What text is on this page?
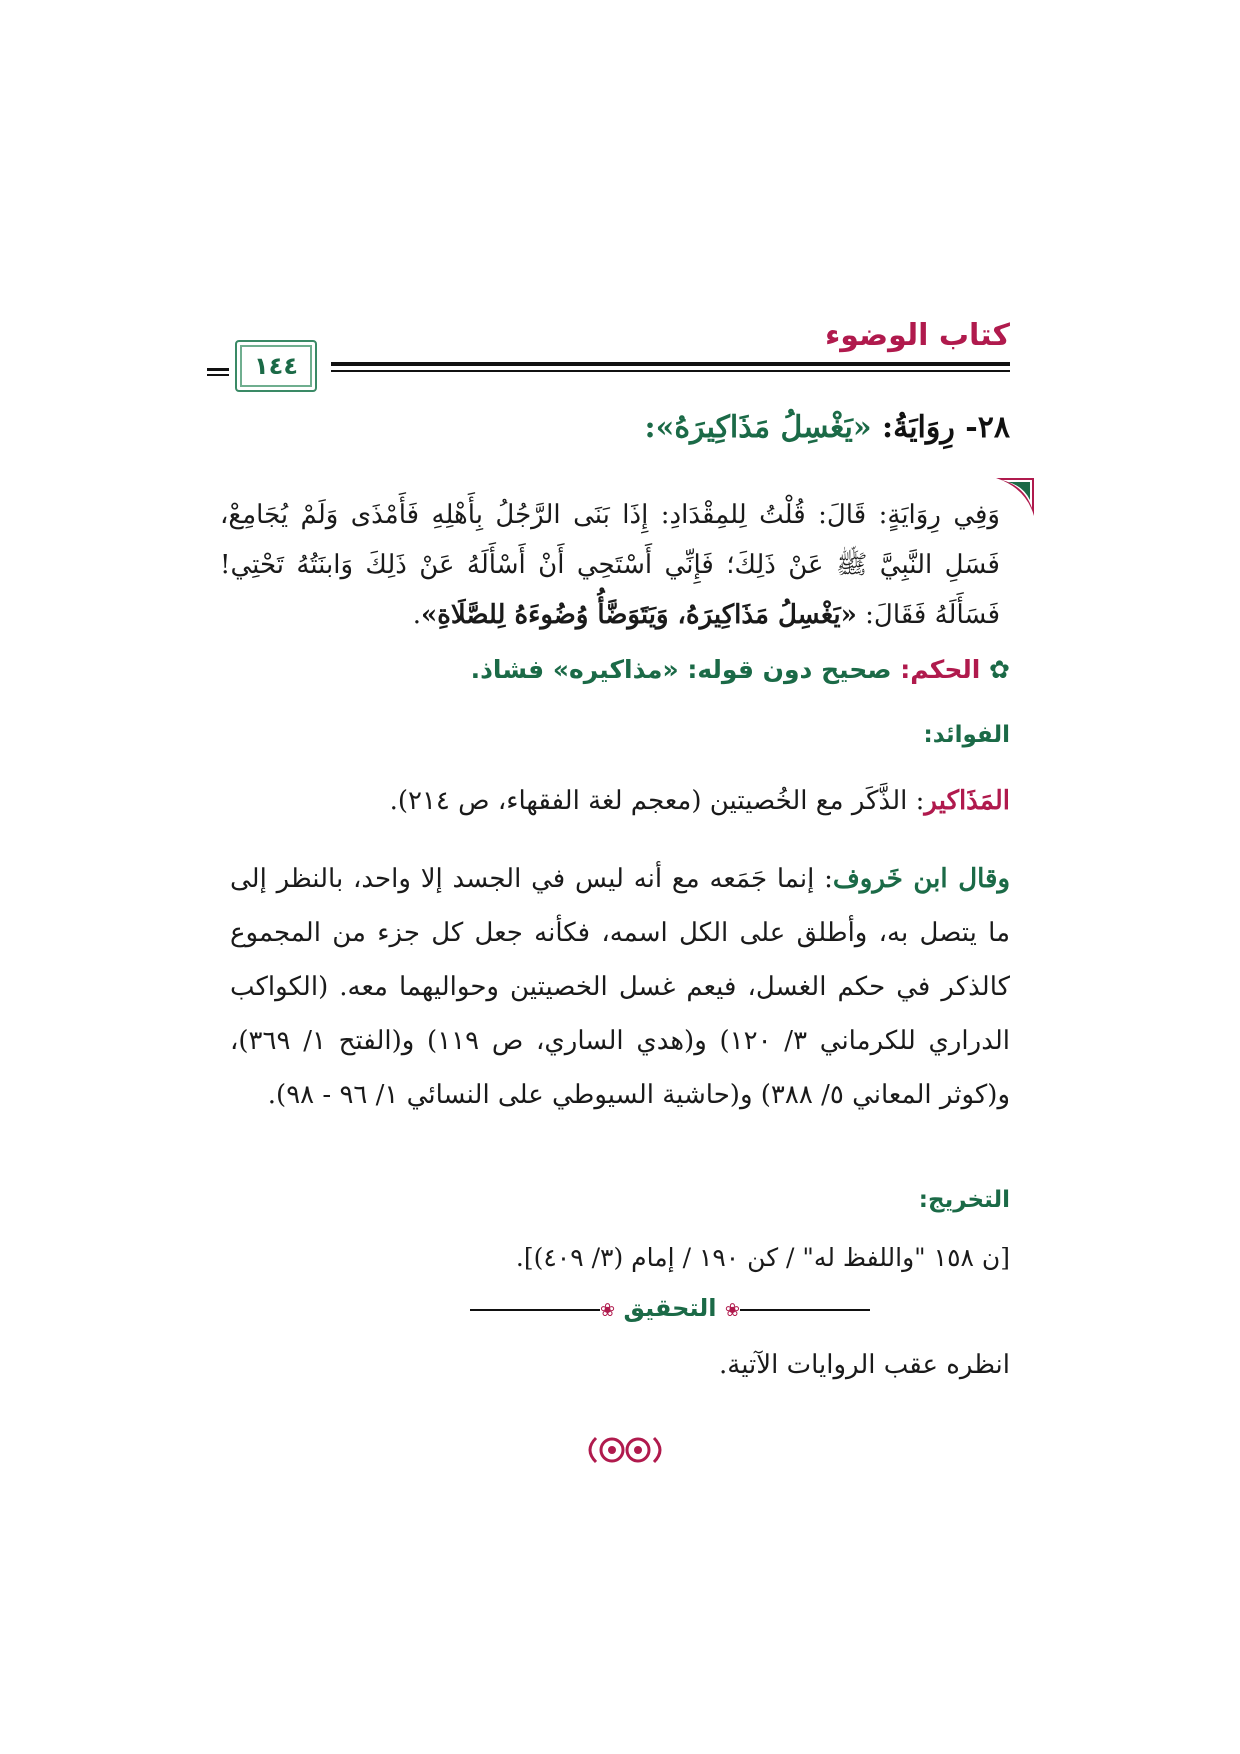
كتاب الوضوء
١٤٤
٢٨- رِوَايَةُ: «يَغْسِلُ مَذَاكِيرَهُ»:
وَفِي رِوَايَةٍ: قَالَ: قُلْتُ لِلمِقْدَادِ: إِذَا بَنَى الرَّجُلُ بِأَهْلِهِ فَأَمْذَى وَلَمْ يُجَامِعْ، فَسَلِ النَّبِيَّ ﷺ عَنْ ذَلِكَ؛ فَإِنِّي أَسْتَحِي أَنْ أَسْأَلَهُ عَنْ ذَلِكَ وَابنَتُهُ تَحْتِي! فَسَأَلَهُ فَقَالَ: «يَغْسِلُ مَذَاكِيرَهُ، وَيَتَوَضَّأُ وُضُوءَهُ لِلصَّلَاةِ».
✿ الحكم: صحيح دون قوله: «مذاكيره» فشاذ.
الفوائد:
المَذَاكير: الذَّكَر مع الخُصيتين (معجم لغة الفقهاء، ص ٢١٤).
وقال ابن خَروف: إنما جَمَعه مع أنه ليس في الجسد إلا واحد، بالنظر إلى ما يتصل به، وأطلق على الكل اسمه، فكأنه جعل كل جزء من المجموع كالذكر في حكم الغسل، فيعم غسل الخصيتين وحواليهما معه. (الكواكب الدراري للكرماني ٣/ ١٢٠) و(هدي الساري، ص ١١٩) و(الفتح ١/ ٣٦٩)، و(كوثر المعاني ٥/ ٣٨٨) و(حاشية السيوطي على النسائي ١/ ٩٦ - ٩٨).
التخريج:
[ن ١٥٨ "واللفظ له" / كن ١٩٠ / إمام (٣/ ٤٠٩)].
❀ التحقيق ❀
انظره عقب الروايات الآتية.
